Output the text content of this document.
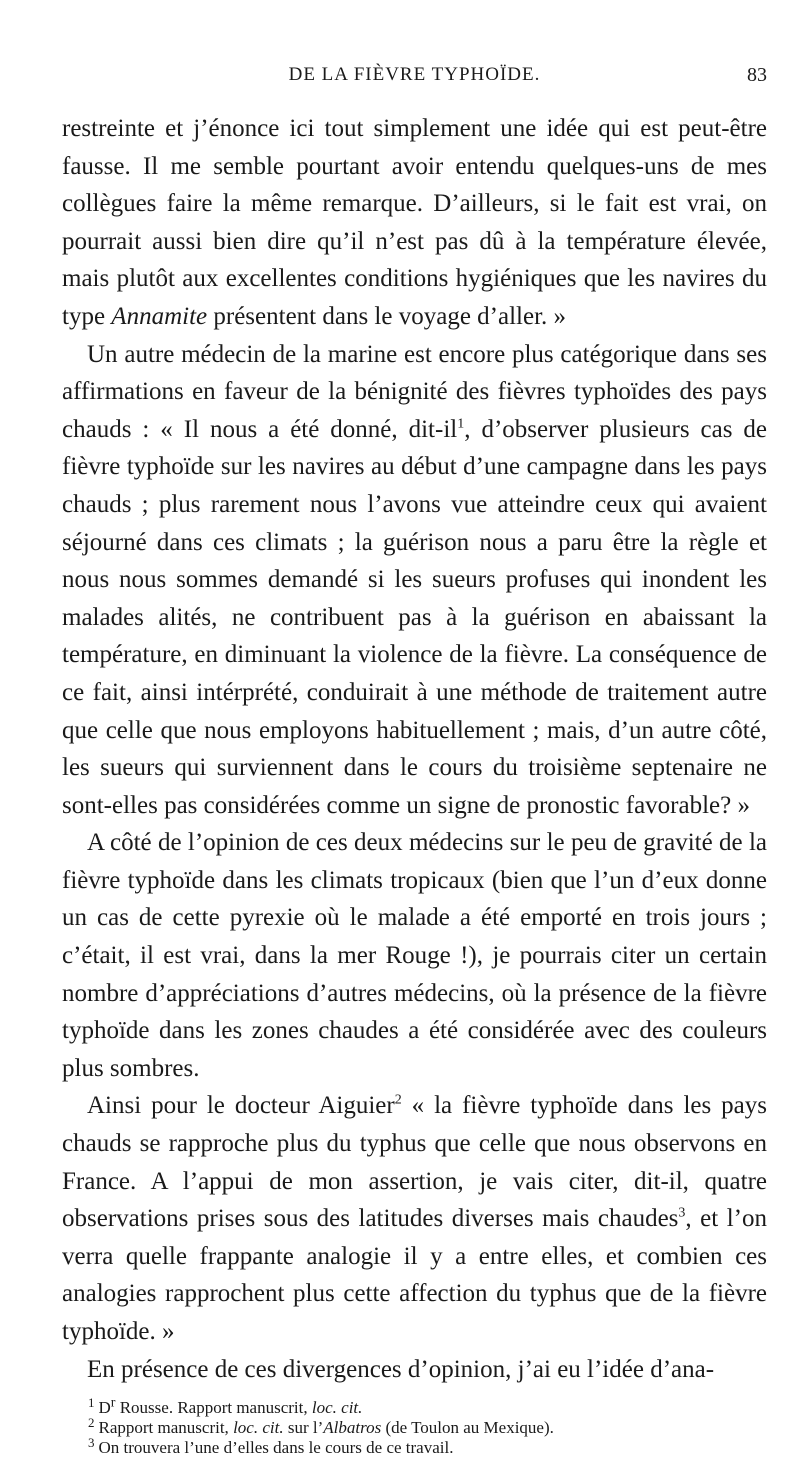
DE LA FIÈVRE TYPHOÏDE.	83

restreinte et j’énonce ici tout simplement une idée qui est peut-être fausse. Il me semble pourtant avoir entendu quelques-uns de mes collègues faire la même remarque. D’ailleurs, si le fait est vrai, on pourrait aussi bien dire qu’il n’est pas dû à la température élevée, mais plutôt aux excellentes conditions hygiéniques que les navires du type Annamite présentent dans le voyage d’aller. »

Un autre médecin de la marine est encore plus catégorique dans ses affirmations en faveur de la bénignité des fièvres typhoïdes des pays chauds : « Il nous a été donné, dit-$il^1$, d’observer plusieurs cas de fièvre typhoïde sur les navires au début d’une campagne dans les pays chauds ; plus rarement nous l’avons vue atteindre ceux qui avaient séjourné dans ces climats ; la guérison nous a paru être la règle et nous nous sommes demandé si les sueurs profuses qui inondent les malades alités, ne contribuent pas à la guérison en abaissant la température, en diminuant la violence de la fièvre. La conséquence de ce fait, ainsi intérprété, conduirait à une méthode de traitement autre que celle que nous employons habituellement ; mais, d’un autre côté, les sueurs qui surviennent dans le cours du troisième septenaire ne sont-elles pas considérées comme un signe de pronostic favorable? »

A côté de l’opinion de ces deux médecins sur le peu de gravité de la fièvre typhoïde dans les climats tropicaux (bien que l’un d’eux donne un cas de cette pyrexie où le malade a été emporté en trois jours ; c’était, il est vrai, dans la mer Rouge !), je pourrais citer un certain nombre d’appréciations d’autres médecins, où la présence de la fièvre typhoïde dans les zones chaudes a été considérée avec des couleurs plus sombres.

Ainsi pour le docteur Aiguier$^2$ « la fièvre typhoïde dans les pays chauds se rapproche plus du typhus que celle que nous observons en France. A l’appui de mon assertion, je vais citer, dit-il, quatre observations prises sous des latitudes diverses mais chaudes$^3$, et l’on verra quelle frappante analogie il y a entre elles, et combien ces analogies rapprochent plus cette affection du typhus que de la fièvre typhoïde. »

En présence de ces divergences d’opinion, j’ai eu l’idée d’ana-

$^1$ $D^r$ Rousse. Rapport manuscrit, loc. cit.
$^2$ Rapport manuscrit, loc. cit. sur l’Albatros (de Toulon au Mexique).
$^3$ On trouvera l’une d’elles dans le cours de ce travail.
